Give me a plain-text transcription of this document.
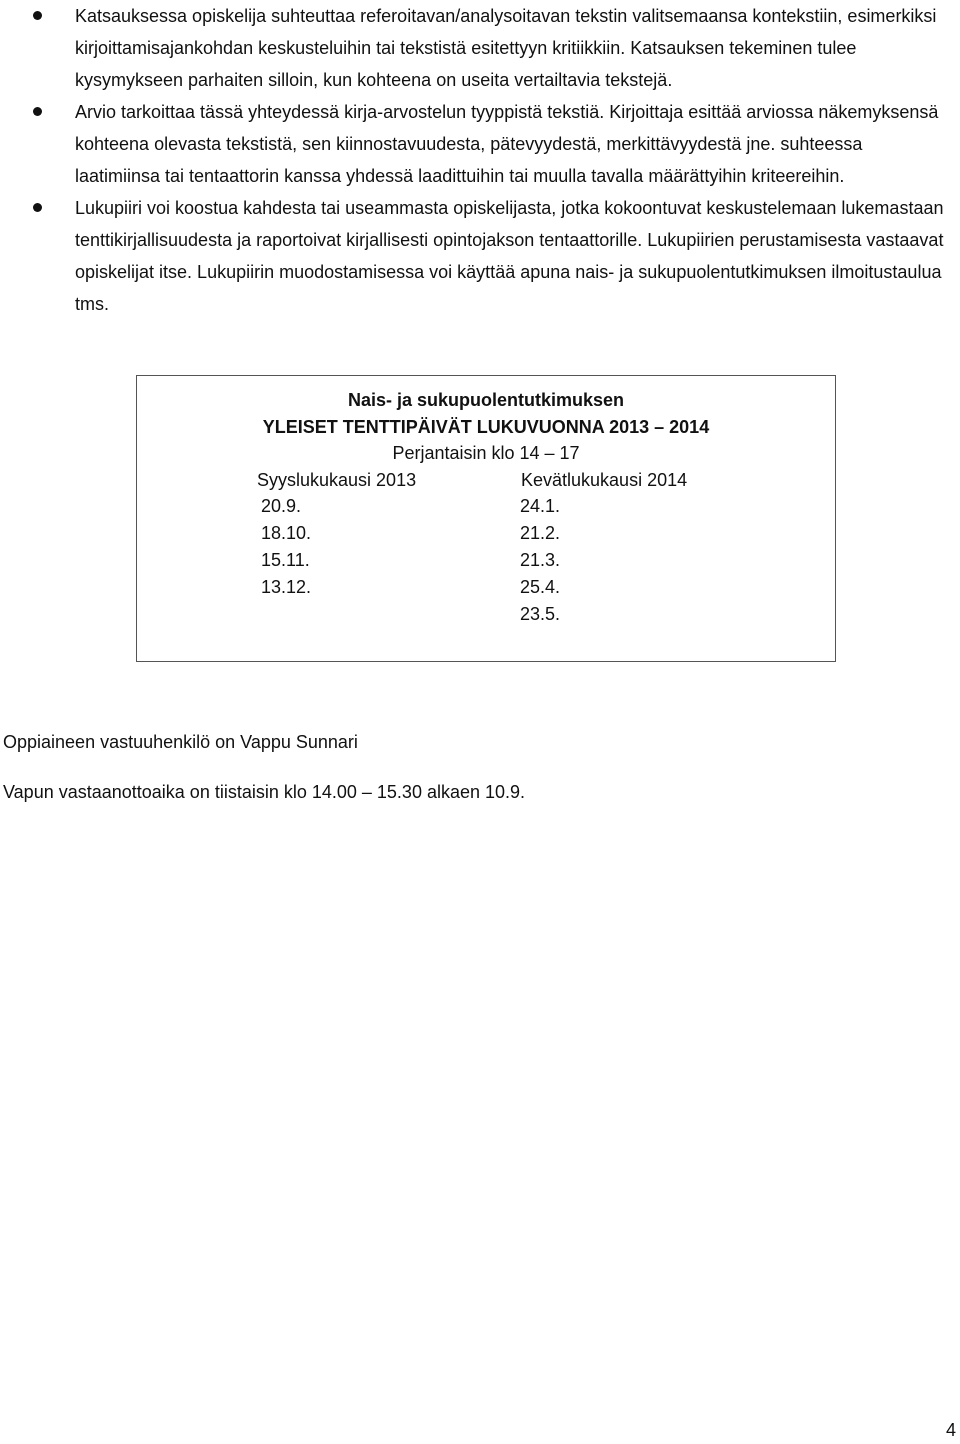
Katsauksessa opiskelija suhteuttaa referoitavan/analysoitavan tekstin valitsemaansa kontekstiin, esimerkiksi kirjoittamisajankohdan keskusteluihin tai tekstistä esitettyyn kritiikkiin. Katsauksen tekeminen tulee kysymykseen parhaiten silloin, kun kohteena on useita vertailtavia tekstejä.
Arvio tarkoittaa tässä yhteydessä kirja-arvostelun tyyppistä tekstiä. Kirjoittaja esittää arviossa näkemyksensä kohteena olevasta tekstistä, sen kiinnostavuudesta, pätevyydestä, merkittävyydestä jne. suhteessa laatimiinsa tai tentaattorin kanssa yhdessä laadittuihin tai muulla tavalla määrättyihin kriteereihin.
Lukupiiri voi koostua kahdesta tai useammasta opiskelijasta, jotka kokoontuvat keskustelemaan lukemastaan tenttikirjallisuudesta ja raportoivat kirjallisesti opintojakson tentaattorille. Lukupiirien perustamisesta vastaavat opiskelijat itse. Lukupiirin muodostamisessa voi käyttää apuna nais- ja sukupuolentutkimuksen ilmoitustaulua tms.
Nais- ja sukupuolentutkimuksen
YLEISET TENTTIPÄIVÄT LUKUVUONNA 2013 – 2014
Perjantaisin klo 14 – 17
Syyslukukausi 2013	Kevätlukukausi 2014
20.9.
18.10.
15.11.
13.12.
24.1.
21.2.
21.3.
25.4.
23.5.
Oppiaineen vastuuhenkilö on Vappu Sunnari
Vapun vastaanottoaika on tiistaisin klo 14.00 – 15.30 alkaen 10.9.
4
